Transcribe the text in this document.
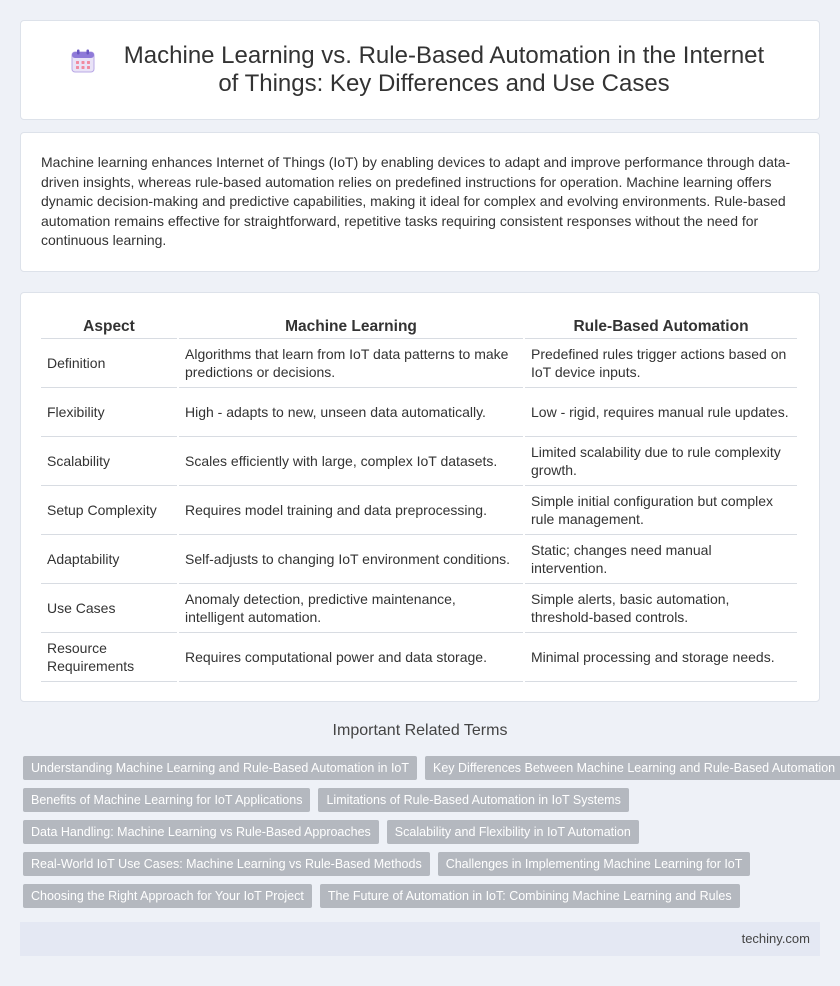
Machine Learning vs. Rule-Based Automation in the Internet of Things: Key Differences and Use Cases

Machine learning enhances Internet of Things (IoT) by enabling devices to adapt and improve performance through data-driven insights, whereas rule-based automation relies on predefined instructions for operation. Machine learning offers dynamic decision-making and predictive capabilities, making it ideal for complex and evolving environments. Rule-based automation remains effective for straightforward, repetitive tasks requiring consistent responses without the need for continuous learning.

Aspect	Machine Learning	Rule-Based Automation
Definition	Algorithms that learn from IoT data patterns to make predictions or decisions.	Predefined rules trigger actions based on IoT device inputs.
Flexibility	High - adapts to new, unseen data automatically.	Low - rigid, requires manual rule updates.
Scalability	Scales efficiently with large, complex IoT datasets.	Limited scalability due to rule complexity growth.
Setup Complexity	Requires model training and data preprocessing.	Simple initial configuration but complex rule management.
Adaptability	Self-adjusts to changing IoT environment conditions.	Static; changes need manual intervention.
Use Cases	Anomaly detection, predictive maintenance, intelligent automation.	Simple alerts, basic automation, threshold-based controls.
Resource Requirements	Requires computational power and data storage.	Minimal processing and storage needs.
Important Related Terms
Understanding Machine Learning and Rule-Based Automation in IoT	Key Differences Between Machine Learning and Rule-Based Automation
Benefits of Machine Learning for IoT Applications	Limitations of Rule-Based Automation in IoT Systems
Data Handling: Machine Learning vs Rule-Based Approaches	Scalability and Flexibility in IoT Automation
Real-World IoT Use Cases: Machine Learning vs Rule-Based Methods	Challenges in Implementing Machine Learning for IoT
Choosing the Right Approach for Your IoT Project	The Future of Automation in IoT: Combining Machine Learning and Rules
techiny.com
